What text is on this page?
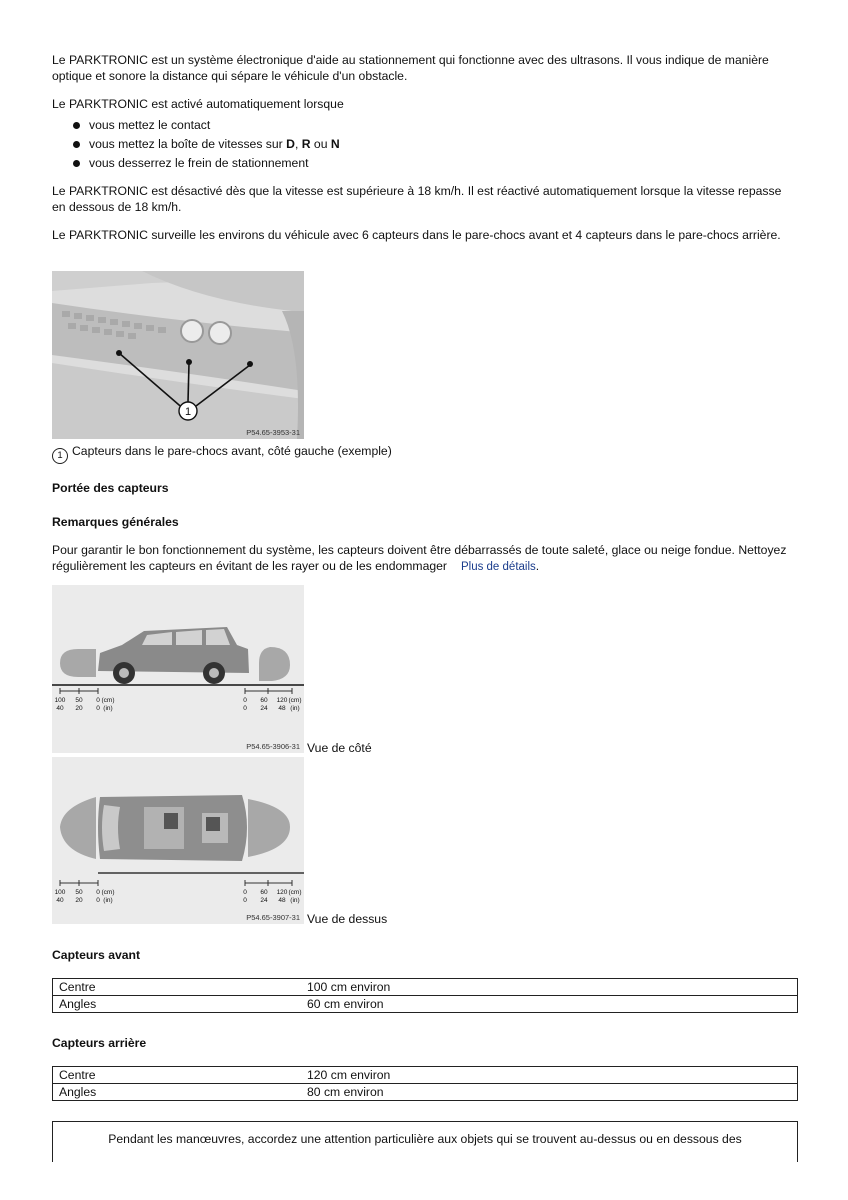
Le PARKTRONIC est un système électronique d'aide au stationnement qui fonctionne avec des ultrasons. Il vous indique de manière optique et sonore la distance qui sépare le véhicule d'un obstacle.

Le PARKTRONIC est activé automatiquement lorsque

vous mettez le contact
vous mettez la boîte de vitesses sur D, R ou N
vous desserrez le frein de stationnement

Le PARKTRONIC est désactivé dès que la vitesse est supérieure à 18 km/h. Il est réactivé automatiquement lorsque la vitesse repasse en dessous de 18 km/h.

Le PARKTRONIC surveille les environs du véhicule avec 6 capteurs dans le pare-chocs avant et 4 capteurs dans le pare-chocs arrière.

1
P54.65-3953-31

1 Capteurs dans le pare-chocs avant, côté gauche (exemple)

Portée des capteurs

Remarques générales

Pour garantir le bon fonctionnement du système, les capteurs doivent être débarrassés de toute saleté, glace ou neige fondue. Nettoyez régulièrement les capteurs en évitant de les rayer ou de les endommager Plus de détails.

100 50 0 (cm)
40 20 0 (in)
0 60 120 (cm)
0 24 48 (in)
P54.65-3906-31 Vue de côté
100 50 0 (cm)
40 20 0 (in)
0 60 120 (cm)
0 24 48 (in)
P54.65-3907-31 Vue de dessus

Capteurs avant

Centre	100 cm environ
Angles	60 cm environ

Capteurs arrière

Centre	120 cm environ
Angles	80 cm environ

Pendant les manœuvres, accordez une attention particulière aux objets qui se trouvent au-dessus ou en dessous des
